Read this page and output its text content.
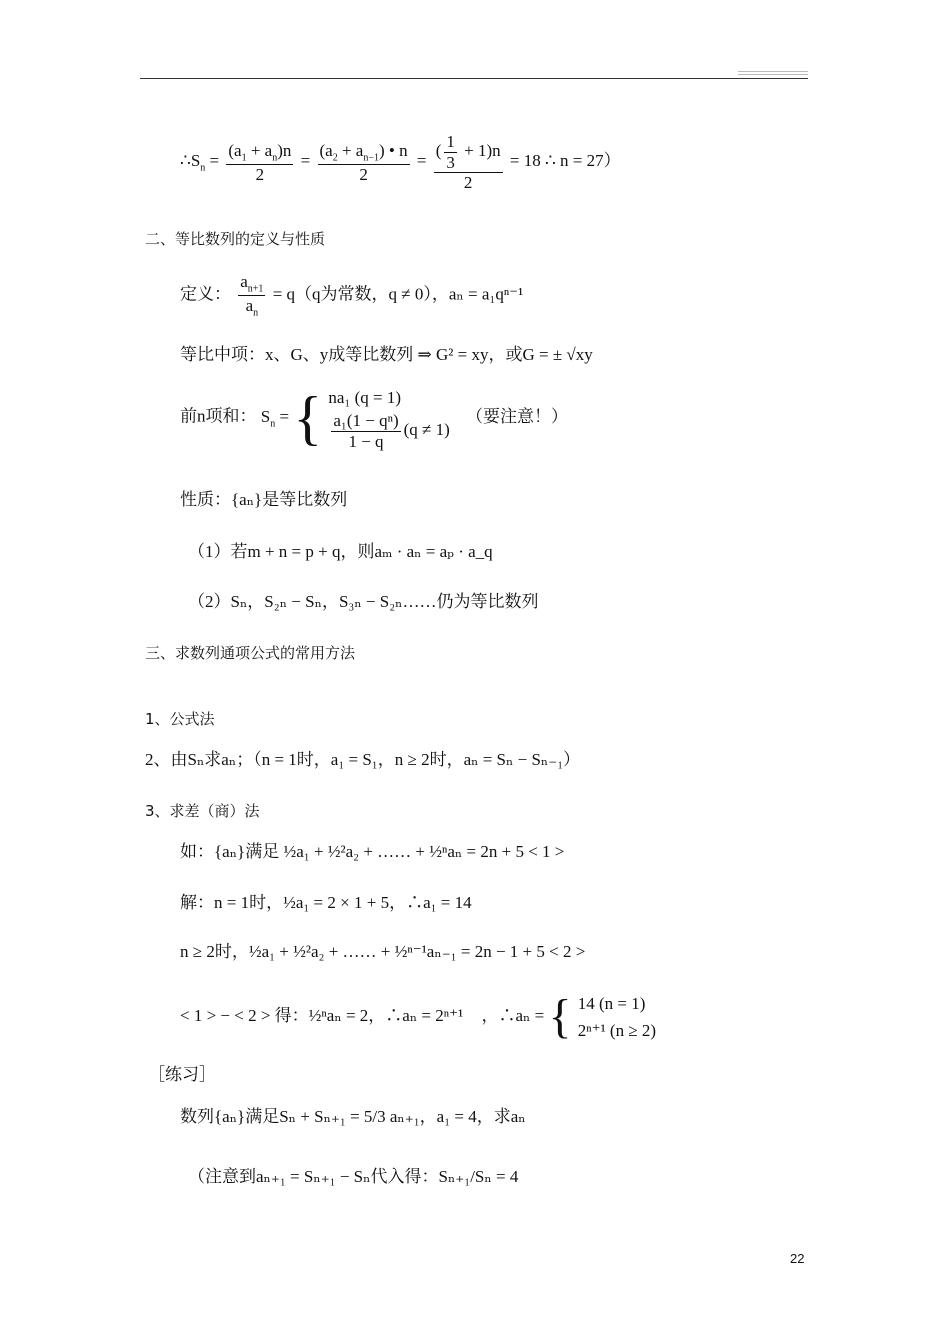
$\therefore S_n = \frac{(a_1 + a_n)n}{2} = \frac{(a_2 + a_{n-1}) • n}{2} = \frac{( \frac{1}{3} + 1)n}{2} = 18$ ∴ n = 27）
二、等比数列的定义与性质
定义： $\frac{a_{n+1}}{a_n} = q(q$为常数，q ≠ 0），aₙ = a₁qⁿ⁻¹
等比中项：x、G、y成等比数列 ⇒ G² = xy，或G = ± √xy
前n项和： $S_n$ = { na₁ (q = 1)
$\frac{\text{a₁(1 − qⁿ)}}{1 - q} (q \ne 1)$
（要注意！）
性质：{aₙ}是等比数列
（1）若m + n = p + q，则aₘ · aₙ = aₚ · a_q
（2）Sₙ，S₂ₙ − Sₙ，S₃ₙ − S₂ₙ……仍为等比数列
三、求数列通项公式的常用方法
1、公式法
2、由Sₙ求aₙ；（n = 1时，a₁ = S₁，n ≥ 2时，aₙ = Sₙ − Sₙ₋₁）
3、求差（商）法
如：{aₙ}满足 ½a₁ + ½²a₂ + …… + ½ⁿaₙ = 2n + 5 < 1 >
解：n = 1时，½a₁ = 2 × 1 + 5，∴a₁ = 14
n ≥ 2时，½a₁ + ½²a₂ + …… + ½ⁿ⁻¹aₙ₋₁ = 2n − 1 + 5 < 2 >
< 1 > − < 2 > 得：½ⁿaₙ = 2，∴aₙ = 2ⁿ⁺¹ ，∴aₙ = { 14 (n = 1)
2ⁿ⁺¹ (n ≥ 2)
［练习］
数列{aₙ}满足Sₙ + Sₙ₊₁ = 5/3 aₙ₊₁，a₁ = 4，求aₙ
（注意到aₙ₊₁ = Sₙ₊₁ − Sₙ代入得：Sₙ₊₁/Sₙ = 4
22
